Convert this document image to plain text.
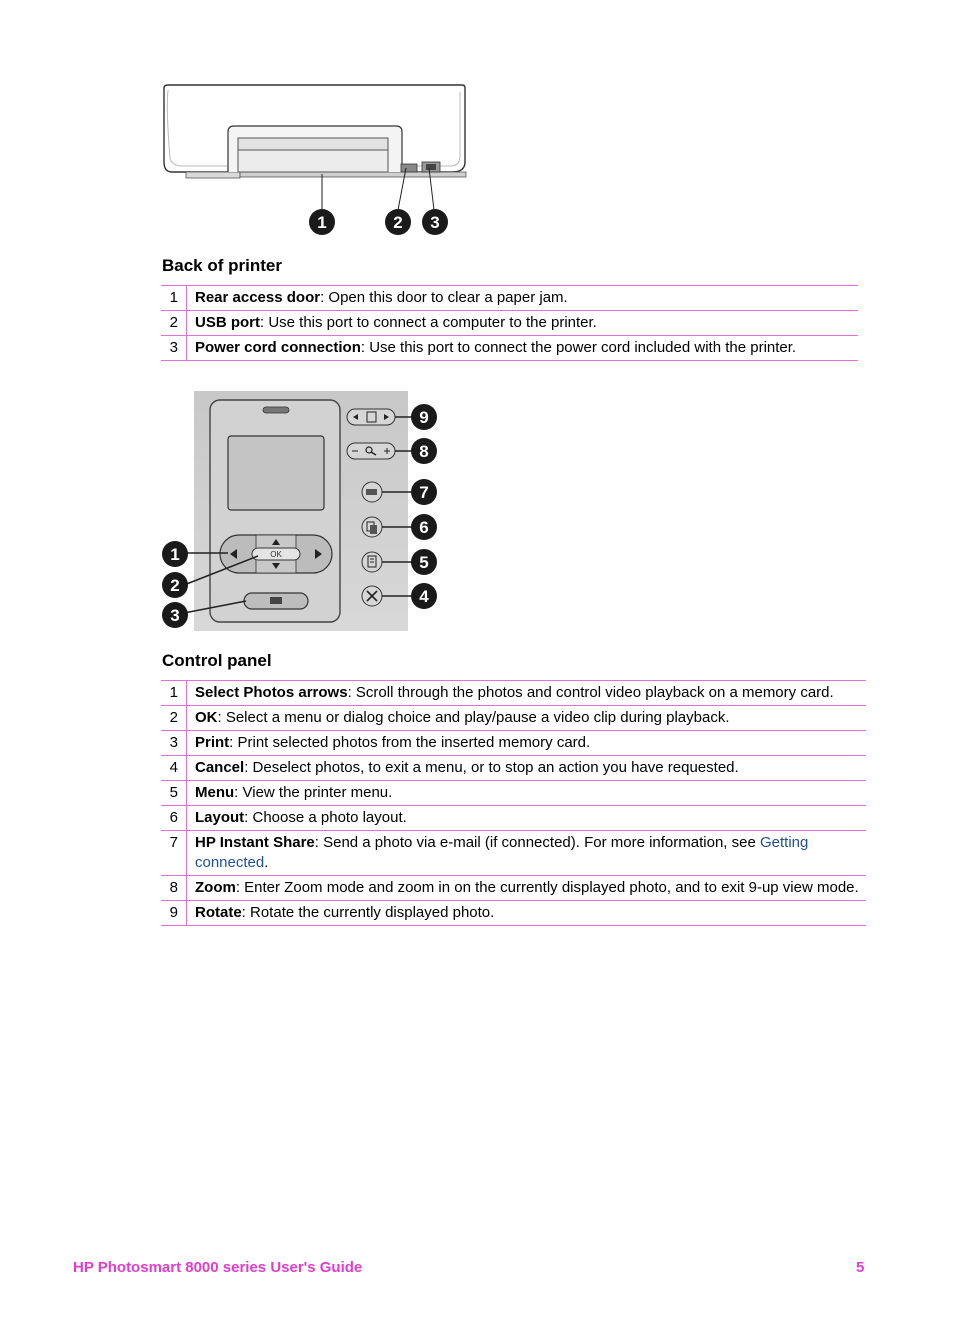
1	2 3
Back of printer
1	Rear access door: Open this door to clear a paper jam.
2	USB port: Use this port to connect a computer to the printer.
3	Power cord connection: Use this port to connect the power cord included with the printer.
OK
1
2
3
4
5
6
7
8
9
Control panel
1	Select Photos arrows: Scroll through the photos and control video playback on a memory card.
2	OK: Select a menu or dialog choice and play/pause a video clip during playback.
3	Print: Print selected photos from the inserted memory card.
4	Cancel: Deselect photos, to exit a menu, or to stop an action you have requested.
5	Menu: View the printer menu.
6	Layout: Choose a photo layout.
7	HP Instant Share: Send a photo via e-mail (if connected). For more information, see Getting connected.
8	Zoom: Enter Zoom mode and zoom in on the currently displayed photo, and to exit 9-up view mode.
9	Rotate: Rotate the currently displayed photo.
HP Photosmart 8000 series User's Guide	5
